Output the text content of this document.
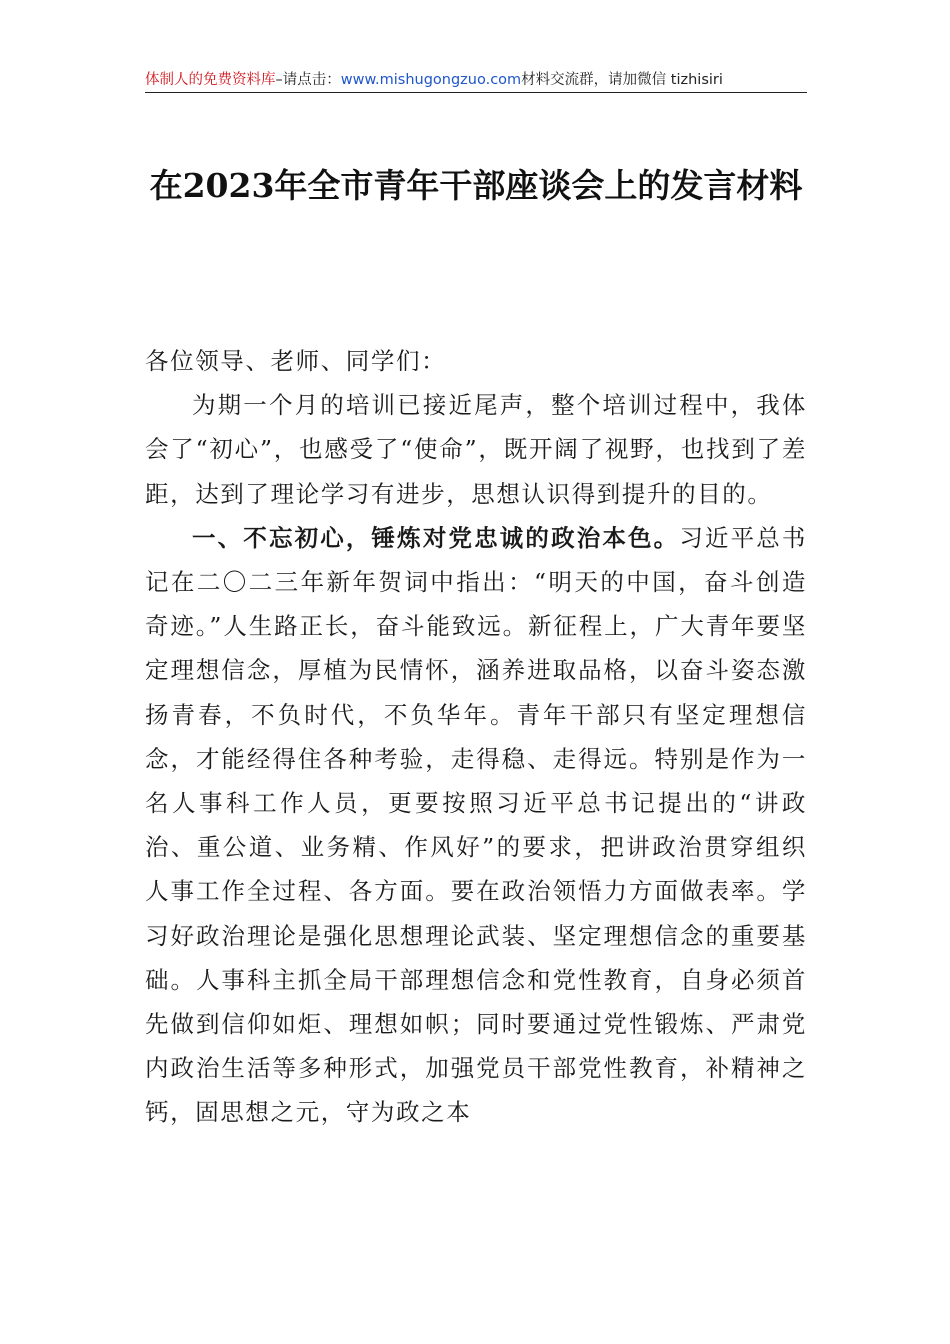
体制人的免费资料库–请点击：www.mishugongzuo.com材料交流群，请加微信 tizhisiri
在2023年全市青年干部座谈会上的发言材料

各位领导、老师、同学们：

为期一个月的培训已接近尾声，整个培训过程中，我体会了“初心”，也感受了“使命”，既开阔了视野，也找到了差距，达到了理论学习有进步，思想认识得到提升的目的。

一、不忘初心，锤炼对党忠诚的政治本色。习近平总书记在二〇二三年新年贺词中指出：“明天的中国，奋斗创造奇迹。”人生路正长，奋斗能致远。新征程上，广大青年要坚定理想信念，厚植为民情怀，涵养进取品格，以奋斗姿态激扬青春，不负时代，不负华年。青年干部只有坚定理想信念，才能经得住各种考验，走得稳、走得远。特别是作为一名人事科工作人员，更要按照习近平总书记提出的“讲政治、重公道、业务精、作风好”的要求，把讲政治贯穿组织人事工作全过程、各方面。要在政治领悟力方面做表率。学习好政治理论是强化思想理论武装、坚定理想信念的重要基础。人事科主抓全局干部理想信念和党性教育，自身必须首先做到信仰如炬、理想如帜；同时要通过党性锻炼、严肃党内政治生活等多种形式，加强党员干部党性教育，补精神之钙，固思想之元，守为政之本
